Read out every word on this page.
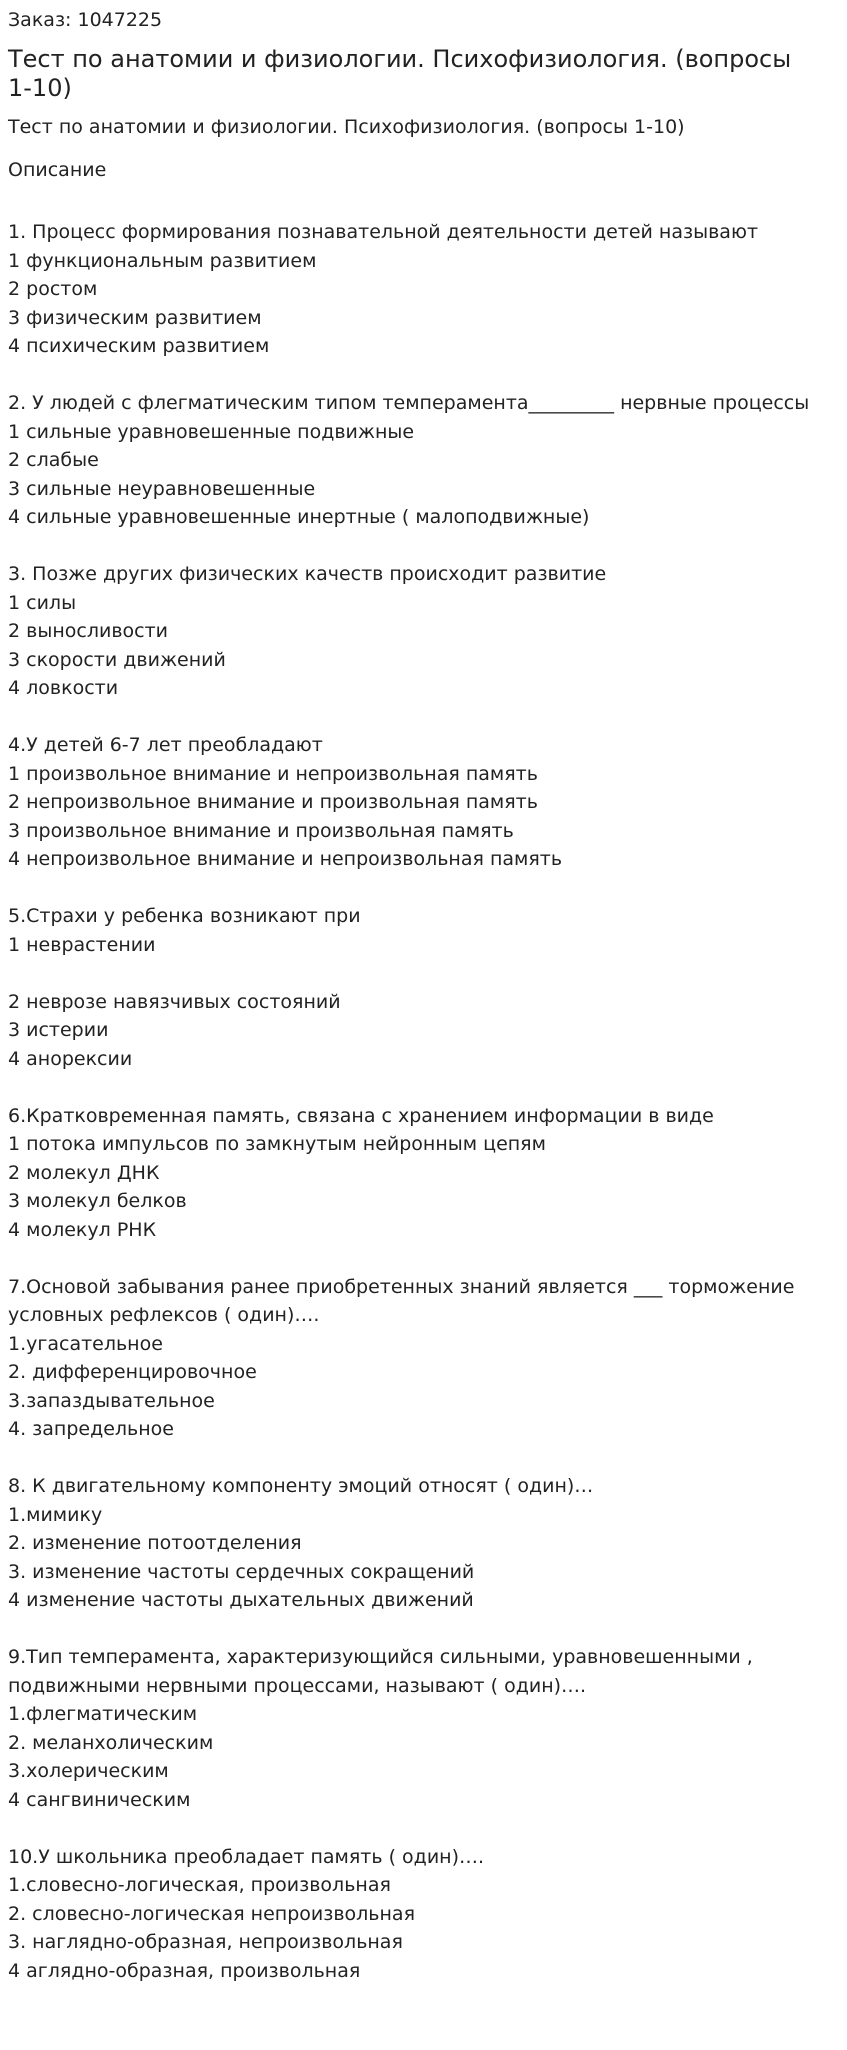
Заказ: 1047225
Тест по анатомии и физиологии. Психофизиология. (вопросы 1-10)
Тест по анатомии и физиологии. Психофизиология. (вопросы 1-10)
Описание
1. Процесс формирования познавательной деятельности детей называют
1 функциональным развитием
2 ростом
3 физическим развитием
4 психическим развитием
2. У людей с флегматическим типом темперамента_________ нервные процессы
1 сильные уравновешенные подвижные
2 слабые
3 сильные неуравновешенные
4 сильные уравновешенные инертные ( малоподвижные)
3. Позже других физических качеств происходит развитие
1 силы
2 выносливости
3 скорости движений
4 ловкости
4.У детей 6-7 лет преобладают
1 произвольное внимание и непроизвольная память
2 непроизвольное внимание и произвольная память
3 произвольное внимание и произвольная память
4 непроизвольное внимание и непроизвольная память
5.Страхи у ребенка возникают при
1 неврастении
2 неврозе навязчивых состояний
3 истерии
4 анорексии
6.Кратковременная память, связана с хранением информации в виде
1 потока импульсов по замкнутым нейронным цепям
2 молекул ДНК
3 молекул белков
4 молекул РНК
7.Основой забывания ранее приобретенных знаний является ___ торможение
условных рефлексов ( один)….
1.угасательное
2. дифференцировочное
3.запаздывательное
4. запредельное
8. К двигательному компоненту эмоций относят ( один)…
1.мимику
2. изменение потоотделения
3. изменение частоты сердечных сокращений
4 изменение частоты дыхательных движений
9.Тип темперамента, характеризующийся сильными, уравновешенными ,
подвижными нервными процессами, называют ( один)….
1.флегматическим
2. меланхолическим
3.холерическим
4 сангвиническим
10.У школьника преобладает память ( один)….
1.словесно-логическая, произвольная
2. словесно-логическая непроизвольная
3. наглядно-образная, непроизвольная
4 аглядно-образная, произвольная
